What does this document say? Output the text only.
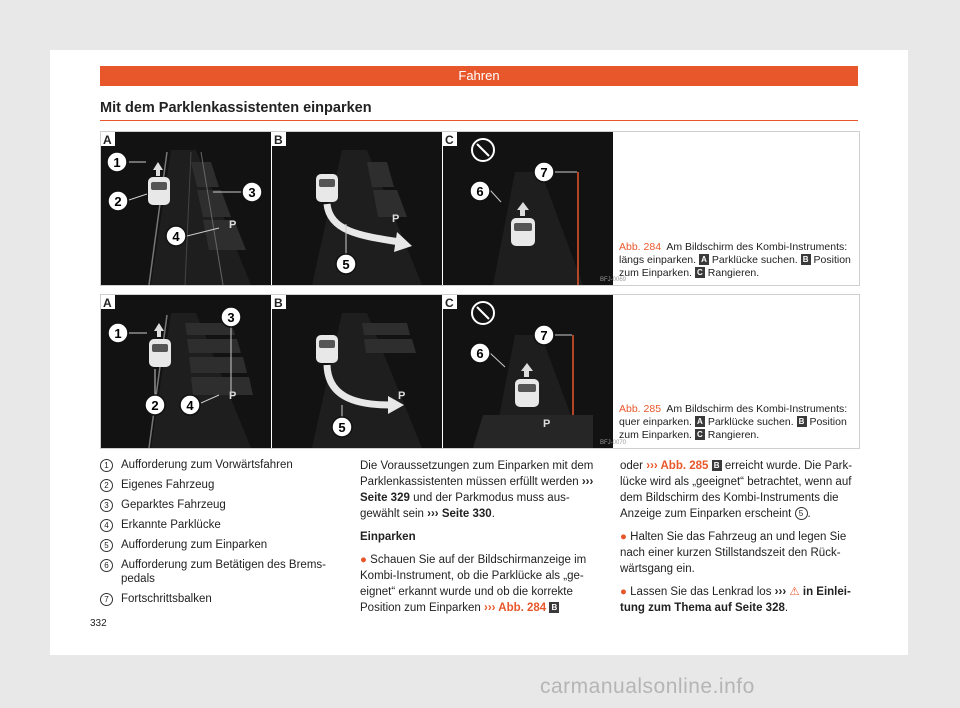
Fahren
Mit dem Parklenkassistenten einparken
P
A
1
2
3
4
P
B
5
C
6
7
BFJ-0069
Abb. 284 Am Bildschirm des Kombi-Instruments: längs einparken. A Parklücke suchen. B Position zum Einparken. C Rangieren.
P
A
1
2
3
4
P
B
5	P
C
6
7
BFJ-0070
Abb. 285 Am Bildschirm des Kombi-Instruments: quer einparken. A Parklücke suchen. B Position zum Einparken. C Rangieren.
1	Aufforderung zum Vorwärtsfahren
2	Eigenes Fahrzeug
3	Geparktes Fahrzeug
4	Erkannte Parklücke
5	Aufforderung zum Einparken
6	Aufforderung zum Betätigen des Brems-pedals
7	Fortschrittsbalken

Die Voraussetzungen zum Einparken mit dem Parklenkassistenten müssen erfüllt werden ››› Seite 329 und der Parkmodus muss aus-gewählt sein ››› Seite 330.

Einparken

● Schauen Sie auf der Bildschirmanzeige im Kombi-Instrument, ob die Parklücke als „ge-eignet“ erkannt wurde und ob die korrekte Position zum Einparken ››› Abb. 284 B

oder ››› Abb. 285 B erreicht wurde. Die Park-lücke wird als „geeignet“ betrachtet, wenn auf dem Bildschirm des Kombi-Instruments die Anzeige zum Einparken erscheint 5 .

● Halten Sie das Fahrzeug an und legen Sie nach einer kurzen Stillstandszeit den Rück-wärtsgang ein.

● Lassen Sie das Lenkrad los ››› ⚠ in Einlei-tung zum Thema auf Seite 328.

332
carmanualsonline.info
